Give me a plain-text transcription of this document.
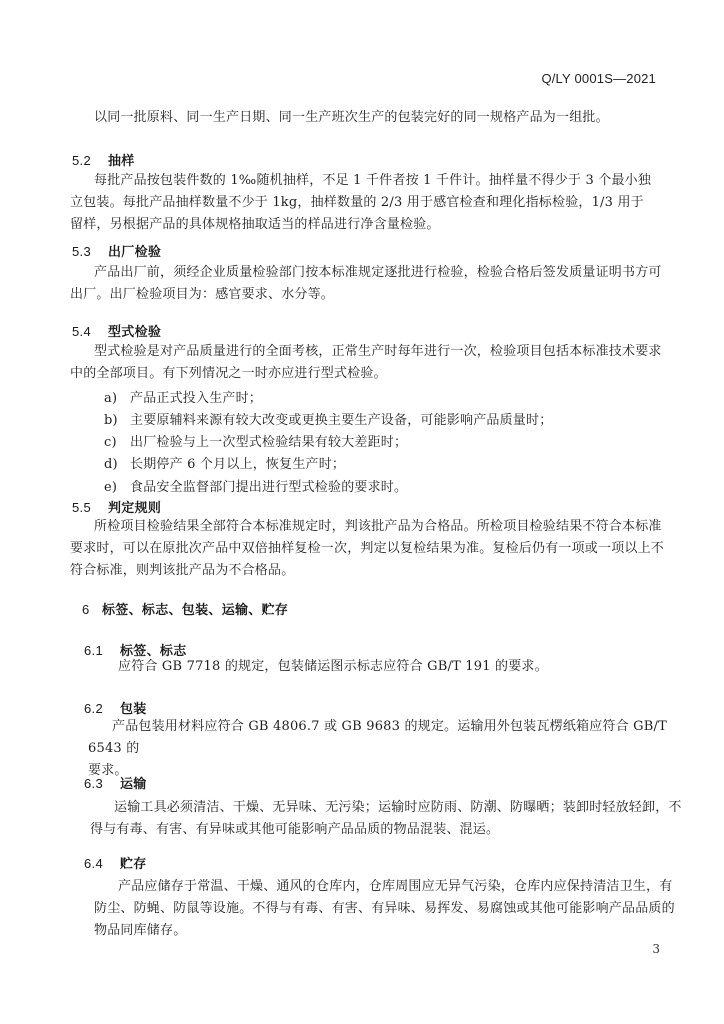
Q/LY 0001S—2021
以同一批原料、同一生产日期、同一生产班次生产的包装完好的同一规格产品为一组批。
5.2 抽样
每批产品按包装件数的 1‰随机抽样，不足 1 千件者按 1 千件计。抽样量不得少于 3 个最小独
立包装。每批产品抽样数量不少于 1kg，抽样数量的 2/3 用于感官检查和理化指标检验，1/3 用于
留样，另根据产品的具体规格抽取适当的样品进行净含量检验。
5.3 出厂检验
产品出厂前，须经企业质量检验部门按本标准规定逐批进行检验，检验合格后签发质量证明书方可
出厂。出厂检验项目为：感官要求、水分等。
5.4 型式检验
型式检验是对产品质量进行的全面考核，正常生产时每年进行一次，检验项目包括本标准技术要求
中的全部项目。有下列情况之一时亦应进行型式检验。
a) 产品正式投入生产时；
b) 主要原辅料来源有较大改变或更换主要生产设备，可能影响产品质量时；
c) 出厂检验与上一次型式检验结果有较大差距时；
d) 长期停产 6 个月以上，恢复生产时；
e) 食品安全监督部门提出进行型式检验的要求时。
5.5 判定规则
所检项目检验结果全部符合本标准规定时，判该批产品为合格品。所检项目检验结果不符合本标准
要求时，可以在原批次产品中双倍抽样复检一次，判定以复检结果为准。复检后仍有一项或一项以上不
符合标准，则判该批产品为不合格品。
6 标签、标志、包装、运输、贮存
6.1 标签、标志
应符合 GB 7718 的规定，包装储运图示标志应符合 GB/T 191 的要求。
6.2 包装
产品包装用材料应符合 GB 4806.7 或 GB 9683 的规定。运输用外包装瓦楞纸箱应符合 GB/T 6543 的
要求。
6.3 运输
运输工具必须清洁、干燥、无异味、无污染；运输时应防雨、防潮、防曝晒；装卸时轻放轻卸，不
得与有毒、有害、有异味或其他可能影响产品品质的物品混装、混运。
6.4 贮存
产品应储存于常温、干燥、通风的仓库内，仓库周围应无异气污染，仓库内应保持清洁卫生，有
防尘、防蝇、防鼠等设施。不得与有毒、有害、有异味、易挥发、易腐蚀或其他可能影响产品品质的
物品同库储存。
3
